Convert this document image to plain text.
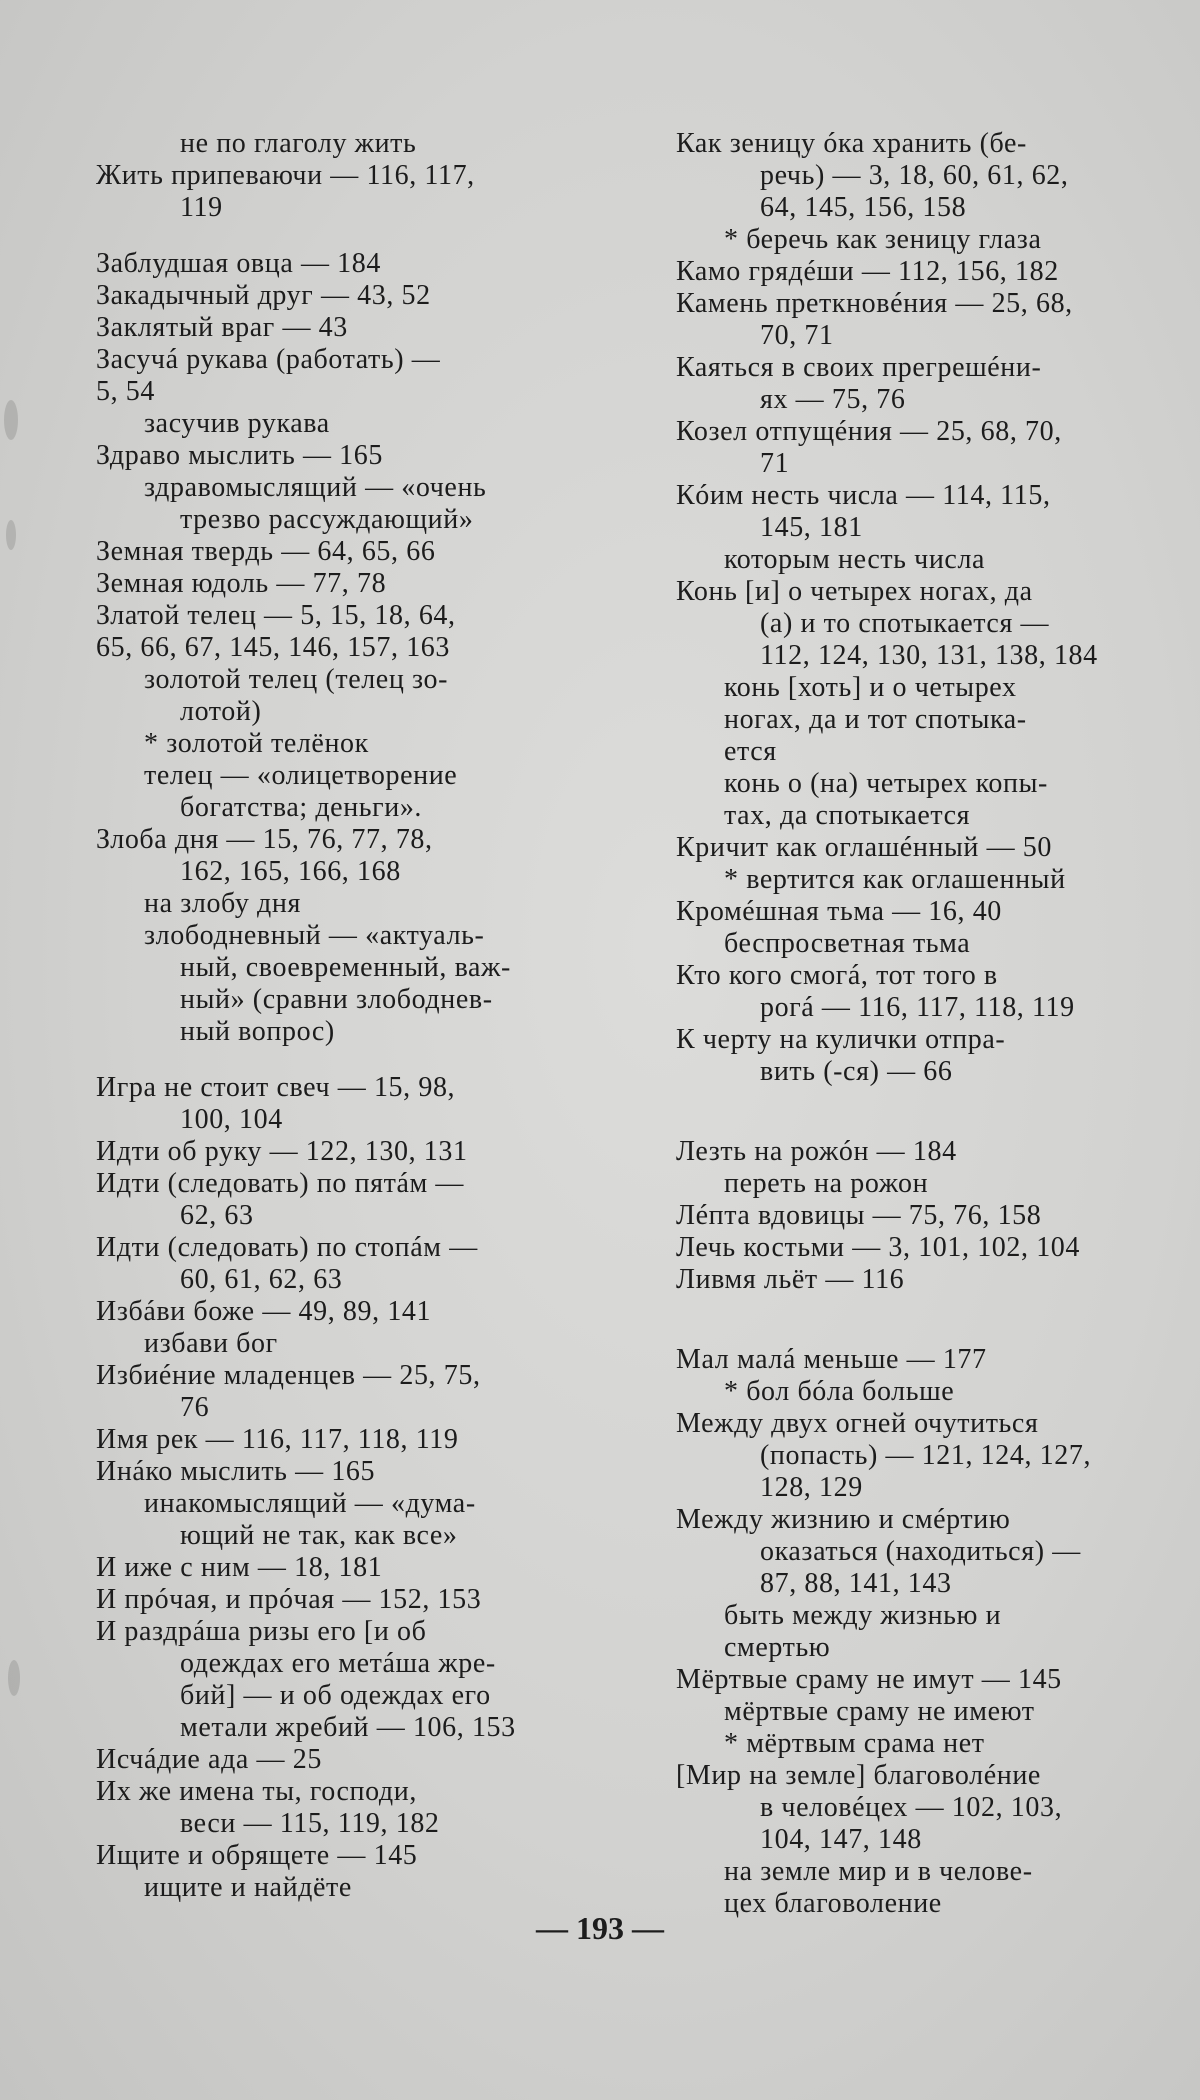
не по глаголу жить
Жить припеваючи — 116, 117,
119
Заблудшая овца — 184
Закадычный друг — 43, 52
Заклятый враг — 43
Засучá рукава (работать) —
5, 54
засучив рукава
Здраво мыслить — 165
здравомыслящий — «очень
трезво рассуждающий»
Земная твердь — 64, 65, 66
Земная юдоль — 77, 78
Златой телец — 5, 15, 18, 64,
65, 66, 67, 145, 146, 157, 163
золотой телец (телец зо-
лотой)
* золотой телёнок
телец — «олицетворение
богатства; деньги».
Злоба дня — 15, 76, 77, 78,
162, 165, 166, 168
на злобу дня
злободневный — «актуаль-
ный, своевременный, важ-
ный» (сравни злободнев-
ный вопрос)
Игра не стоит свеч — 15, 98,
100, 104
Идти об руку — 122, 130, 131
Идти (следовать) по пятáм —
62, 63
Идти (следовать) по стопáм —
60, 61, 62, 63
Избáви боже — 49, 89, 141
избави бог
Избиéние младенцев — 25, 75,
76
Имя рек — 116, 117, 118, 119
Инáко мыслить — 165
инакомыслящий — «дума-
ющий не так, как все»
И иже с ним — 18, 181
И прóчая, и прóчая — 152, 153
И раздрáша ризы его [и об
одеждах его метáша жре-
бий] — и об одеждах его
метали жребий — 106, 153
Исчáдие ада — 25
Их же имена ты, господи,
веси — 115, 119, 182
Ищите и обрящете — 145
ищите и найдёте
Как зеницу óка хранить (бе-
речь) — 3, 18, 60, 61, 62,
64, 145, 156, 158
* беречь как зеницу глаза
Камо грядéши — 112, 156, 182
Камень преткновéния — 25, 68,
70, 71
Каяться в своих прегрешéни-
ях — 75, 76
Козел отпущéния — 25, 68, 70,
71
Кóим несть числа — 114, 115,
145, 181
которым несть числа
Конь [и] о четырех ногах, да
(а) и то спотыкается —
112, 124, 130, 131, 138, 184
конь [хоть] и о четырех
ногах, да и тот спотыка-
ется
конь о (на) четырех копы-
тах, да спотыкается
Кричит как оглашéнный — 50
* вертится как оглашенный
Кромéшная тьма — 16, 40
беспросветная тьма
Кто кого смогá, тот того в
рогá — 116, 117, 118, 119
К черту на кулички отпра-
вить (-ся) — 66
Лезть на рожóн — 184
переть на рожон
Лéпта вдовицы — 75, 76, 158
Лечь костьми — 3, 101, 102, 104
Ливмя льёт — 116
Мал малá меньше — 177
* бол бóла больше
Между двух огней очутиться
(попасть) — 121, 124, 127,
128, 129
Между жизнию и смéртию
оказаться (находиться) —
87, 88, 141, 143
быть между жизнью и
смертью
Мёртвые сраму не имут — 145
мёртвые сраму не имеют
* мёртвым срама нет
[Мир на земле] благоволéние
в человéцех — 102, 103,
104, 147, 148
на земле мир и в челове-
цех благоволение
— 193 —
